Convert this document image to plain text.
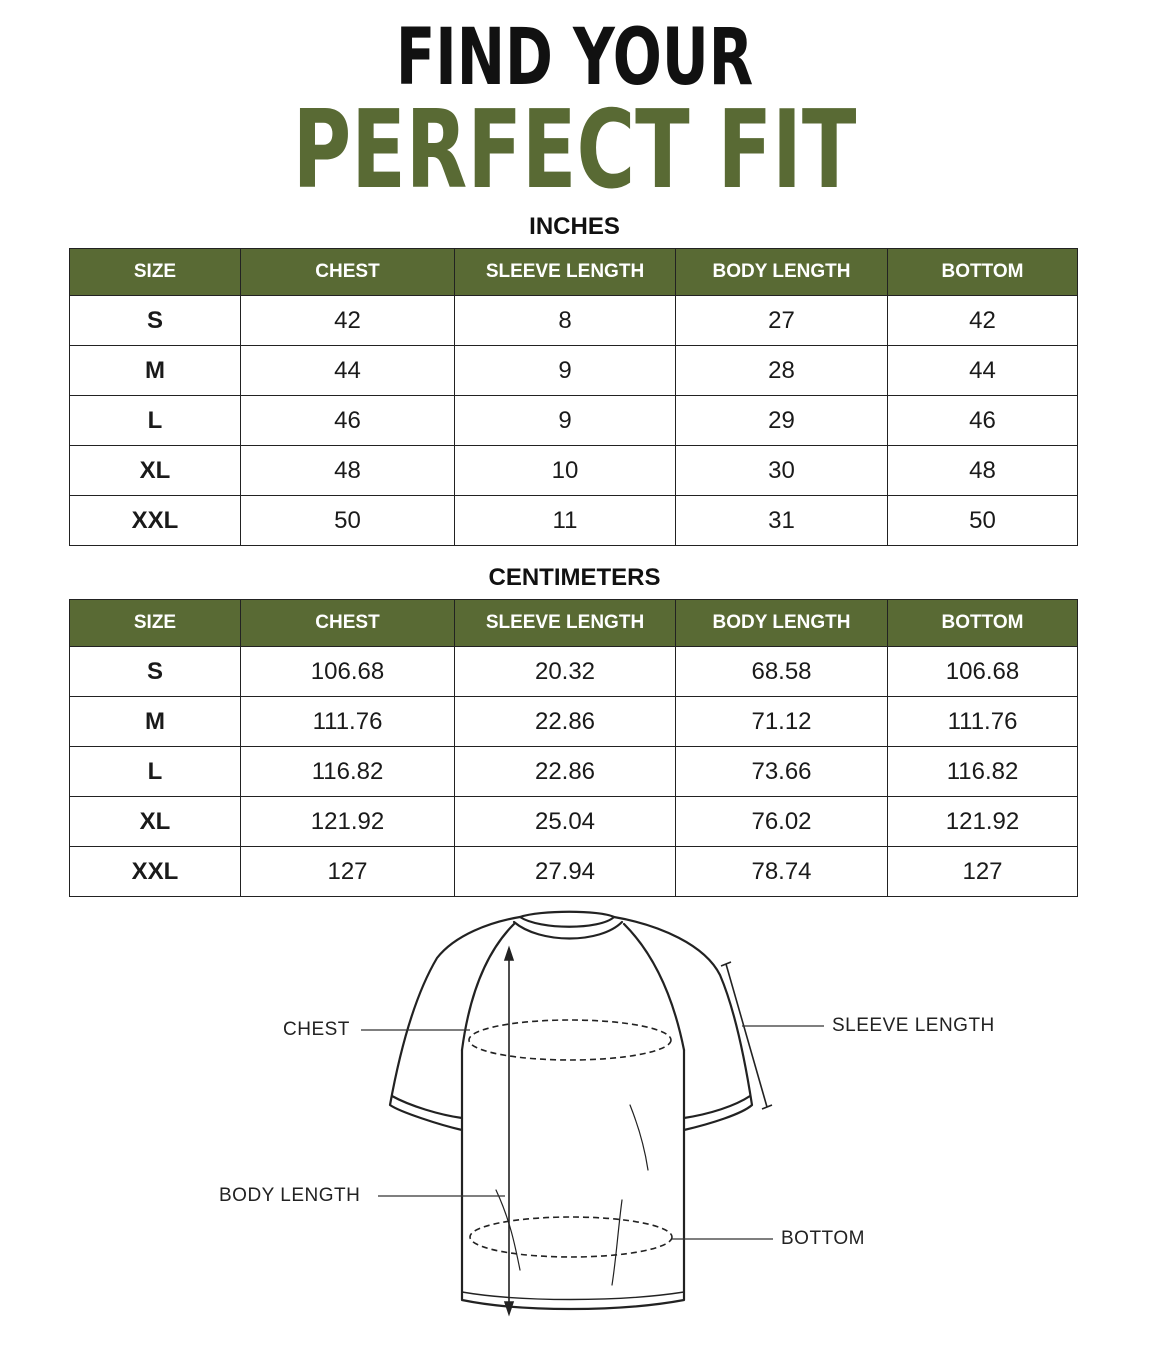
FIND YOUR
PERFECT FIT
INCHES
SIZE	CHEST	SLEEVE LENGTH	BODY LENGTH	BOTTOM
S	42	8	27	42
M	44	9	28	44
L	46	9	29	46
XL	48	10	30	48
XXL	50	11	31	50
CENTIMETERS
SIZE	CHEST	SLEEVE LENGTH	BODY LENGTH	BOTTOM
S	106.68	20.32	68.58	106.68
M	111.76	22.86	71.12	111.76
L	116.82	22.86	73.66	116.82
XL	121.92	25.04	76.02	121.92
XXL	127	27.94	78.74	127
CHEST	SLEEVE LENGTH
BODY LENGTH
BOTTOM
